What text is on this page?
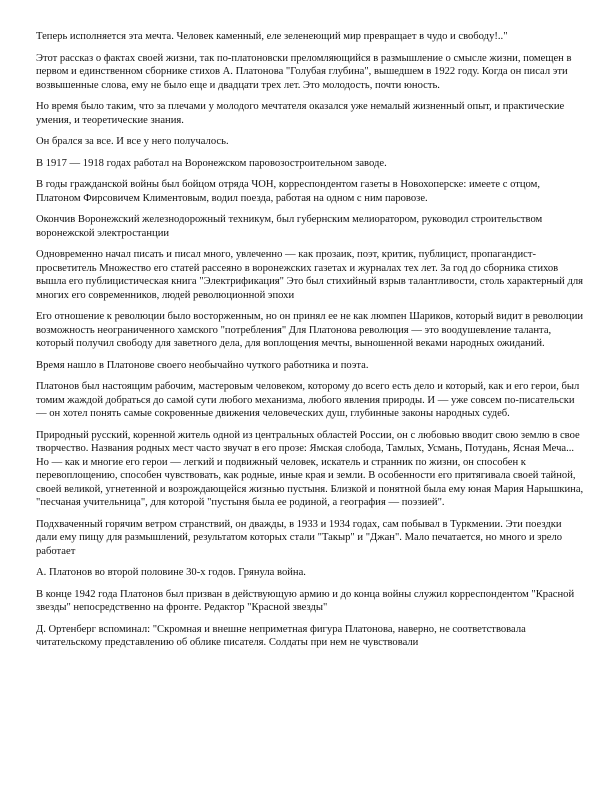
Теперь исполняется эта мечта. Человек каменный, еле зеленеющий мир превращает в чудо и свободу!.."

Этот рассказ о фактах своей жизни, так по-платоновски преломляющийся в размышление о смысле жизни, помещен в первом и единственном сборнике стихов А. Платонова "Голубая глубина", вышедшем в 1922 году. Когда он писал эти возвышенные слова, ему не было еще и двадцати трех лет. Это молодость, почти юность.

Но время было таким, что за плечами у молодого мечтателя оказался уже немалый жизненный опыт, и практические умения, и теоретические знания.

Он брался за все. И все у него получалось.

В 1917 — 1918 годах работал на Воронежском паровозостроительном заводе.

В годы гражданской войны был бойцом отряда ЧОН, корреспондентом газеты в Новохоперске: имеете с отцом, Платоном Фирсовичем Климентовым, водил поезда, работая на одном с ним паровозе.

Окончив Воронежский железнодорожный техникум, был губернским мелиоратором, руководил строительством воронежской электростанции

Одновременно начал писать и писал много, увлеченно — как прозаик, поэт, критик, публицист, пропагандист-просветитель Множество его статей рассеяно в воронежских газетах и журналах тех лет. За год до сборника стихов вышла его публицистическая книга "Электрификация" Это был стихийный взрыв талантливости, столь характерный для многих его современников, людей революционной эпохи

Его отношение к революции было восторженным, но он принял ее не как люмпен Шариков, который видит в революции возможность неограниченного хамского "потребления" Для Платонова революция — это воодушевление таланта, который получил свободу для заветного дела, для воплощения мечты, выношенной веками народных ожиданий.

Время нашло в Платонове своего необычайно чуткого работника и поэта.

Платонов был настоящим рабочим, мастеровым человеком, которому до всего есть дело и который, как и его герои, был томим жаждой добраться до самой сути любого механизма, любого явления природы. И — уже совсем по-писательски — он хотел понять самые сокровенные движения человеческих душ, глубинные законы народных судеб.

Природный русский, коренной житель одной из центральных областей России, он с любовью вводит свою землю в свое творчество. Названия родных мест часто звучат в его прозе: Ямская слобода, Тамлых, Усмань, Потудань, Ясная Меча... Но — как и многие его герои — легкий и подвижный человек, искатель и странник по жизни, он способен к перевоплощению, способен чувствовать, как родные, иные края и земли. В особенности его притягивала своей тайной, своей великой, угнетенной и возрождающейся жизнью пустыня. Близкой и понятной была ему юная Мария Нарышкина, "песчаная учительница", для которой "пустыня была ее родиной, а география — поэзией".

Подхваченный горячим ветром странствий, он дважды, в 1933 и 1934 годах, сам побывал в Туркмении. Эти поездки дали ему пищу для размышлений, результатом которых стали "Такыр" и "Джан". Мало печатается, но много и зрело работает

А. Платонов во второй половине 30-х годов. Грянула война.

В конце 1942 года Платонов был призван в действующую армию и до конца войны служил корреспондентом "Красной звезды" непосредственно на фронте. Редактор "Красной звезды"

Д. Ортенберг вспоминал: "Скромная и внешне неприметная фигура Платонова, наверно, не соответствовала читательскому представлению об облике писателя. Солдаты при нем не чувствовали
